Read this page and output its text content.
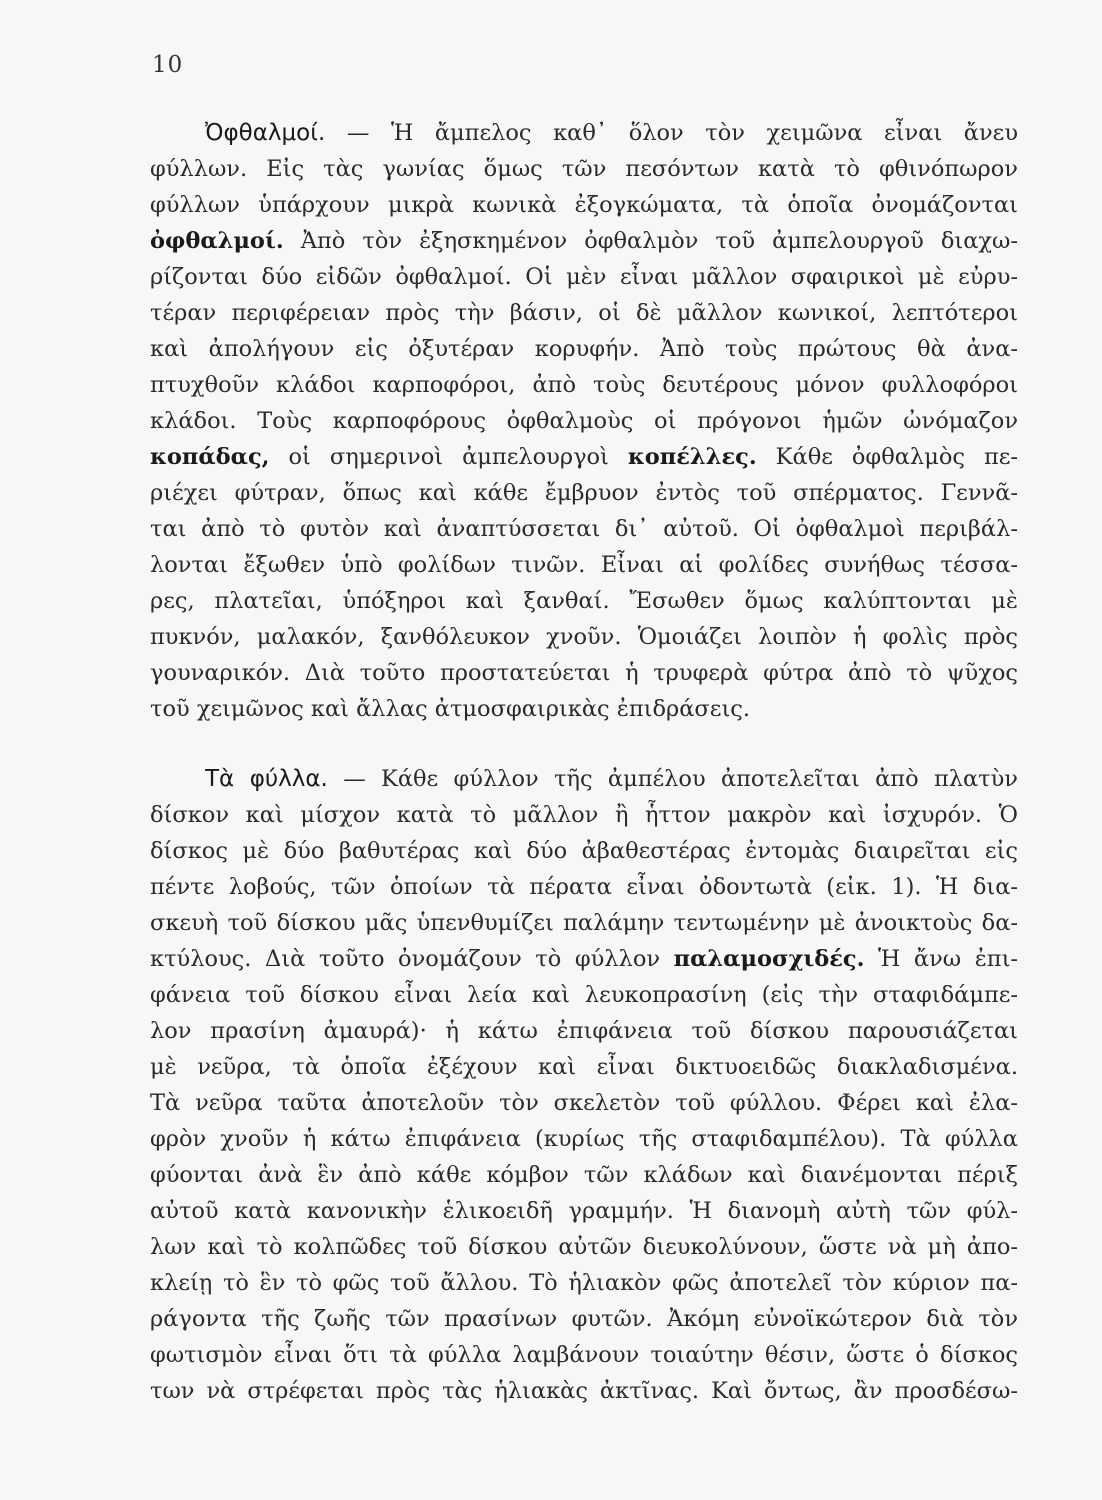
10
Ὀφθαλμοί. — Ἡ ἄμπελος καθ᾿ ὅλον τὸν χειμῶνα εἶναι ἄνευ
φύλλων. Εἰς τὰς γωνίας ὅμως τῶν πεσόντων κατὰ τὸ φθινόπωρον
φύλλων ὑπάρχουν μικρὰ κωνικὰ ἐξογκώματα, τὰ ὁποῖα ὀνομάζονται
ὀφθαλμοί. Ἀπὸ τὸν ἐξησκημένον ὀφθαλμὸν τοῦ ἀμπελουργοῦ διαχω-
ρίζονται δύο εἰδῶν ὀφθαλμοί. Οἱ μὲν εἶναι μᾶλλον σφαιρικοὶ μὲ εὐρυ-
τέραν περιφέρειαν πρὸς τὴν βάσιν, οἱ δὲ μᾶλλον κωνικοί, λεπτότεροι
καὶ ἀπολήγουν εἰς ὀξυτέραν κορυφήν. Ἀπὸ τοὺς πρώτους θὰ ἀνα-
πτυχθοῦν κλάδοι καρποφόροι, ἀπὸ τοὺς δευτέρους μόνον φυλλοφόροι
κλάδοι. Τοὺς καρποφόρους ὀφθαλμοὺς οἱ πρόγονοι ἡμῶν ὠνόμαζον
κοπάδας, οἱ σημερινοὶ ἀμπελουργοὶ κοπέλλες. Κάθε ὀφθαλμὸς πε-
ριέχει φύτραν, ὅπως καὶ κάθε ἔμβρυον ἐντὸς τοῦ σπέρματος. Γεννᾶ-
ται ἀπὸ τὸ φυτὸν καὶ ἀναπτύσσεται δι᾿ αὐτοῦ. Οἱ ὀφθαλμοὶ περιβάλ-
λονται ἔξωθεν ὑπὸ φολίδων τινῶν. Εἶναι αἱ φολίδες συνήθως τέσσα-
ρες, πλατεῖαι, ὑπόξηροι καὶ ξανθαί. Ἔσωθεν ὅμως καλύπτονται μὲ
πυκνόν, μαλακόν, ξανθόλευκον χνοῦν. Ὁμοιάζει λοιπὸν ἡ φολὶς πρὸς
γουναρικόν. Διὰ τοῦτο προστατεύεται ἡ τρυφερὰ φύτρα ἀπὸ τὸ ψῦχος
τοῦ χειμῶνος καὶ ἄλλας ἀτμοσφαιρικὰς ἐπιδράσεις.
Τὰ φύλλα. — Κάθε φύλλον τῆς ἀμπέλου ἀποτελεῖται ἀπὸ πλατὺν
δίσκον καὶ μίσχον κατὰ τὸ μᾶλλον ἢ ἧττον μακρὸν καὶ ἰσχυρόν. Ὁ
δίσκος μὲ δύο βαθυτέρας καὶ δύο ἀβαθεστέρας ἐντομὰς διαιρεῖται εἰς
πέντε λοβούς, τῶν ὁποίων τὰ πέρατα εἶναι ὀδοντωτὰ (εἰκ. 1). Ἡ δια-
σκευὴ τοῦ δίσκου μᾶς ὑπενθυμίζει παλάμην τεντωμένην μὲ ἀνοικτοὺς δα-
κτύλους. Διὰ τοῦτο ὀνομάζουν τὸ φύλλον παλαμοσχιδές. Ἡ ἄνω ἐπι-
φάνεια τοῦ δίσκου εἶναι λεία καὶ λευκοπρασίνη (εἰς τὴν σταφιδάμπε-
λον πρασίνη ἀμαυρά)· ἡ κάτω ἐπιφάνεια τοῦ δίσκου παρουσιάζεται
μὲ νεῦρα, τὰ ὁποῖα ἐξέχουν καὶ εἶναι δικτυοειδῶς διακλαδισμένα.
Τὰ νεῦρα ταῦτα ἀποτελοῦν τὸν σκελετὸν τοῦ φύλλου. Φέρει καὶ ἐλα-
φρὸν χνοῦν ἡ κάτω ἐπιφάνεια (κυρίως τῆς σταφιδαμπέλου). Τὰ φύλλα
φύονται ἀνὰ ἓν ἀπὸ κάθε κόμβον τῶν κλάδων καὶ διανέμονται πέριξ
αὐτοῦ κατὰ κανονικὴν ἑλικοειδῆ γραμμήν. Ἡ διανομὴ αὐτὴ τῶν φύλ-
λων καὶ τὸ κολπῶδες τοῦ δίσκου αὐτῶν διευκολύνουν, ὥστε νὰ μὴ ἀπο-
κλείῃ τὸ ἓν τὸ φῶς τοῦ ἄλλου. Τὸ ἡλιακὸν φῶς ἀποτελεῖ τὸν κύριον πα-
ράγοντα τῆς ζωῆς τῶν πρασίνων φυτῶν. Ἀκόμη εὐνοϊκώτερον διὰ τὸν
φωτισμὸν εἶναι ὅτι τὰ φύλλα λαμβάνουν τοιαύτην θέσιν, ὥστε ὁ δίσκος
των νὰ στρέφεται πρὸς τὰς ἡλιακὰς ἀκτῖνας. Καὶ ὄντως, ἂν προσδέσω-
